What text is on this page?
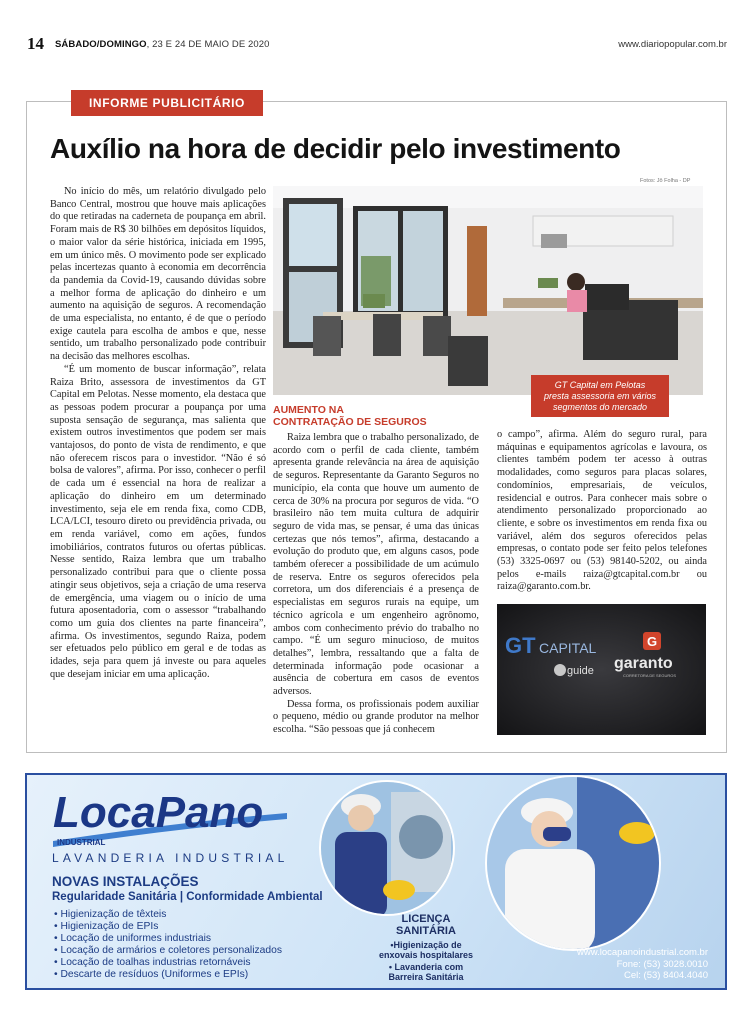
14 SÁBADO/DOMINGO, 23 E 24 DE MAIO DE 2020	www.diariopopular.com.br
INFORME PUBLICITÁRIO
Auxílio na hora de decidir pelo investimento
Fotos: Jô Folha - DP

No início do mês, um relatório divulgado pelo Banco Central, mostrou que houve mais aplicações do que retiradas na caderneta de poupança em abril. Foram mais de R$ 30 bilhões em depósitos líquidos, o maior valor da série histórica, iniciada em 1995, em um único mês. O movimento pode ser explicado pelas incertezas quanto à economia em decorrência da pandemia da Covid-19, causando dúvidas sobre a melhor forma de aplicação do dinheiro e um aumento na aquisição de seguros. A recomendação de uma especialista, no entanto, é de que o período exige cautela para escolha de ambos e que, nesse sentido, um trabalho personalizado pode contribuir na decisão das melhores escolhas.

“É um momento de buscar informação”, relata Raiza Brito, assessora de investimentos da GT Capital em Pelotas. Nesse momento, ela destaca que as pessoas podem procurar a poupança por uma suposta sensação de segurança, mas salienta que existem outros investimentos que podem ser mais vantajosos, do ponto de vista de rendimento, e que não oferecem riscos para o investidor. “Não é só bolsa de valores”, afirma. Por isso, conhecer o perfil de cada um é essencial na hora de realizar a aplicação do dinheiro em um determinado investimento, seja ele em renda fixa, como CDB, LCA/LCI, tesouro direto ou previdência privada, ou em renda variável, como em ações, fundos imobiliários, contratos futuros ou ofertas públicas. Nesse sentido, Raiza lembra que um trabalho personalizado contribui para que o cliente possa atingir seus objetivos, seja a criação de uma reserva de emergência, uma viagem ou o início de uma futura aposentadoria, com o assessor “trabalhando como um guia dos clientes na parte financeira”, afirma. Os investimentos, segundo Raiza, podem ser efetuados pelo público em geral e de todas as idades, seja para quem já investe ou para aqueles que desejam iniciar em uma aplicação.

GT Capital em Pelotas
presta assessoria em vários
segmentos do mercado
AUMENTO NA
CONTRATAÇÃO DE SEGUROS

Raiza lembra que o trabalho personalizado, de acordo com o perfil de cada cliente, também apresenta grande relevância na área de aquisição de seguros. Representante da Garanto Seguros no município, ela conta que houve um aumento de cerca de 30% na procura por seguros de vida. “O brasileiro não tem muita cultura de adquirir seguro de vida mas, se pensar, é uma das únicas certezas que nós temos”, afirma, destacando a evolução do produto que, em alguns casos, pode também oferecer a possibilidade de um acúmulo de reserva. Entre os seguros oferecidos pela corretora, um dos diferenciais é a presença de especialistas em seguros rurais na equipe, um técnico agrícola e um engenheiro agrônomo, ambos com conhecimento prévio do trabalho no campo. “É um seguro minucioso, de muitos detalhes”, lembra, ressaltando que a falta de determinada informação pode ocasionar a ausência de cobertura em casos de eventos adversos.

Dessa forma, os profissionais podem auxiliar o pequeno, médio ou grande produtor na melhor escolha. “São pessoas que já conhecem

o campo”, afirma. Além do seguro rural, para máquinas e equipamentos agrícolas e lavoura, os clientes também podem ter acesso à outras modalidades, como seguros para placas solares, condomínios, empresariais, de veículos, residencial e outros. Para conhecer mais sobre o atendimento personalizado proporcionado ao cliente, e sobre os investimentos em renda fixa ou variável, além dos seguros oferecidos pelas empresas, o contato pode ser feito pelos telefones (53) 3325-0697 ou (53) 98140-5202, ou ainda pelos e-mails raiza@gtcapital.com.br ou raiza@garanto.com.br.

GT CAPITAL
guide
G
garanto
CORRETORA DE SEGUROS
LocaPano
INDUSTRIAL
LAVANDERIA INDUSTRIAL
NOVAS INSTALAÇÕES
Regularidade Sanitária | Conformidade Ambiental
• Higienização de têxteis
• Higienização de EPIs
• Locação de uniformes industriais
• Locação de armários e coletores personalizados
• Locação de toalhas industrias retornáveis
• Descarte de resíduos (Uniformes e EPIs)
LICENÇA
SANITÁRIA
•Higienização de
enxovais hospitalares
• Lavanderia com
Barreira Sanitária
www.locapanoindustrial.com.br
Fone: (53) 3028.0010
Cel: (53) 8404.4040
